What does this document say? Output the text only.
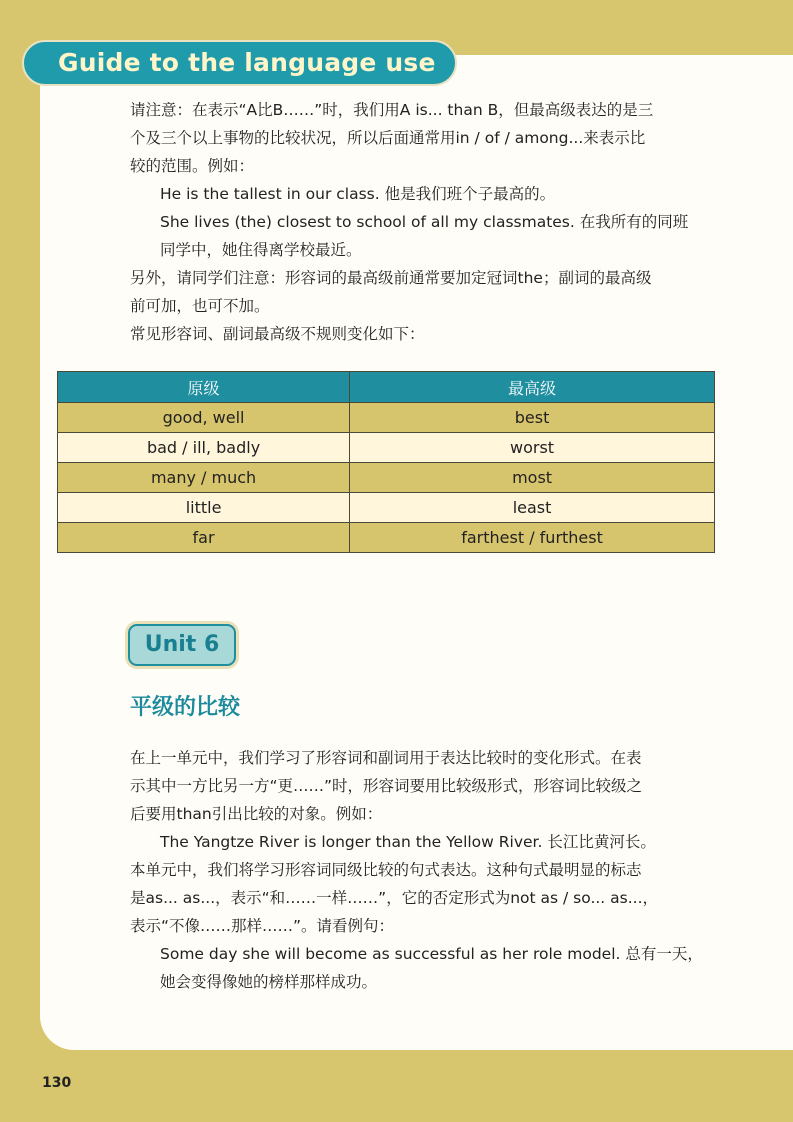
Guide to the language use
请注意：在表示“A比B……”时，我们用A is... than B，但最高级表达的是三
个及三个以上事物的比较状况，所以后面通常用in / of / among...来表示比
较的范围。例如：
He is the tallest in our class. 他是我们班个子最高的。
She lives (the) closest to school of all my classmates. 在我所有的同班
同学中，她住得离学校最近。
另外，请同学们注意：形容词的最高级前通常要加定冠词the；副词的最高级
前可加，也可不加。
常见形容词、副词最高级不规则变化如下：
原级	最高级
good, well	best
bad / ill, badly	worst
many / much	most
little	least
far	farthest / furthest
Unit 6
平级的比较
在上一单元中，我们学习了形容词和副词用于表达比较时的变化形式。在表
示其中一方比另一方“更……”时，形容词要用比较级形式，形容词比较级之
后要用than引出比较的对象。例如：
The Yangtze River is longer than the Yellow River. 长江比黄河长。
本单元中，我们将学习形容词同级比较的句式表达。这种句式最明显的标志
是as... as...，表示“和……一样……”，它的否定形式为not as / so... as...，
表示“不像……那样……”。请看例句：
Some day she will become as successful as her role model. 总有一天，
她会变得像她的榜样那样成功。
130
